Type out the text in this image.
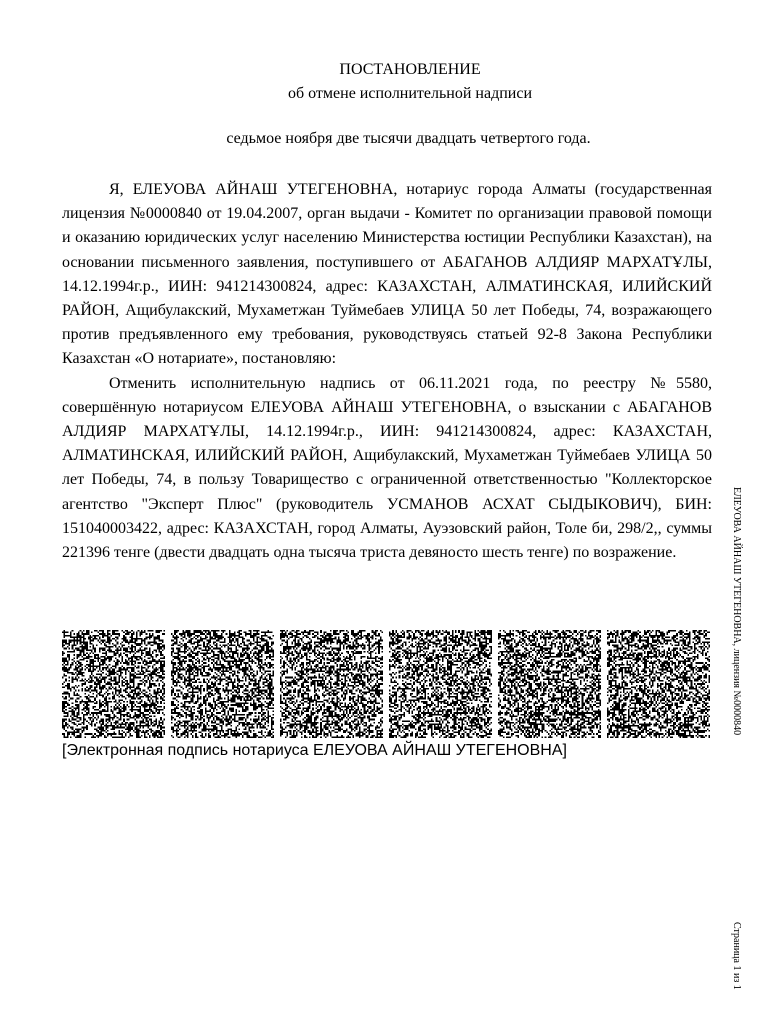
ПОСТАНОВЛЕНИЕ
об отмене исполнительной надписи
седьмое ноября две тысячи двадцать четвертого года.

Я, ЕЛЕУОВА АЙНАШ УТЕГЕНОВНА, нотариус города Алматы (государственная лицензия №0000840 от 19.04.2007, орган выдачи - Комитет по организации правовой помощи и оказанию юридических услуг населению Министерства юстиции Республики Казахстан), на основании письменного заявления, поступившего от АБАГАНОВ АЛДИЯР МАРХАТҰЛЫ, 14.12.1994г.р., ИИН: 941214300824, адрес: КАЗАХСТАН, АЛМАТИНСКАЯ, ИЛИЙСКИЙ РАЙОН, Ащибулакский, Мухаметжан Туймебаев УЛИЦА 50 лет Победы, 74, возражающего против предъявленного ему требования, руководствуясь статьей 92-8 Закона Республики Казахстан «О нотариате», постановляю:

Отменить исполнительную надпись от 06.11.2021 года, по реестру №5580, совершённую нотариусом ЕЛЕУОВА АЙНАШ УТЕГЕНОВНА, о взыскании с АБАГАНОВ АЛДИЯР МАРХАТҰЛЫ, 14.12.1994г.р., ИИН: 941214300824, адрес: КАЗАХСТАН, АЛМАТИНСКАЯ, ИЛИЙСКИЙ РАЙОН, Ащибулакский, Мухаметжан Туймебаев УЛИЦА 50 лет Победы, 74, в пользу Товарищество с ограниченной ответственностью "Коллекторское агентство "Эксперт Плюс" (руководитель УСМАНОВ АСХАТ СЫДЫКОВИЧ), БИН: 151040003422, адрес: КАЗАХСТАН, город Алматы, Ауэзовский район, Толе би, 298/2,, суммы 221396 тенге (двести двадцать одна тысяча триста девяносто шесть тенге) по возражение.

[Электронная подпись нотариуса ЕЛЕУОВА АЙНАШ УТЕГЕНОВНА]
ЕЛЕУОВА АЙНАШ УТЕГЕНОВНА, лицензия №0000840
Страница 1 из 1
